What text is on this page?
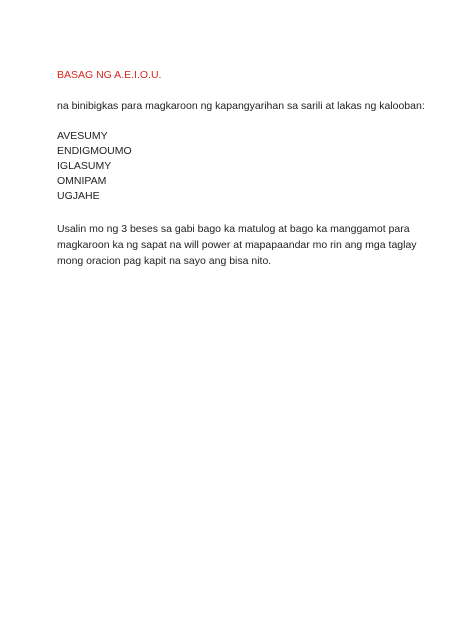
BASAG NG A.E.I.O.U.

na binibigkas para magkaroon ng kapangyarihan sa sarili at lakas ng kalooban:

AVESUMY
ENDIGMOUMO
IGLASUMY
OMNIPAM
UGJAHE

Usalin mo ng 3 beses sa gabi bago ka matulog at bago ka manggamot para magkaroon ka ng sapat na will power at mapapaandar mo rin ang mga taglay mong oracion pag kapit na sayo ang bisa nito.
